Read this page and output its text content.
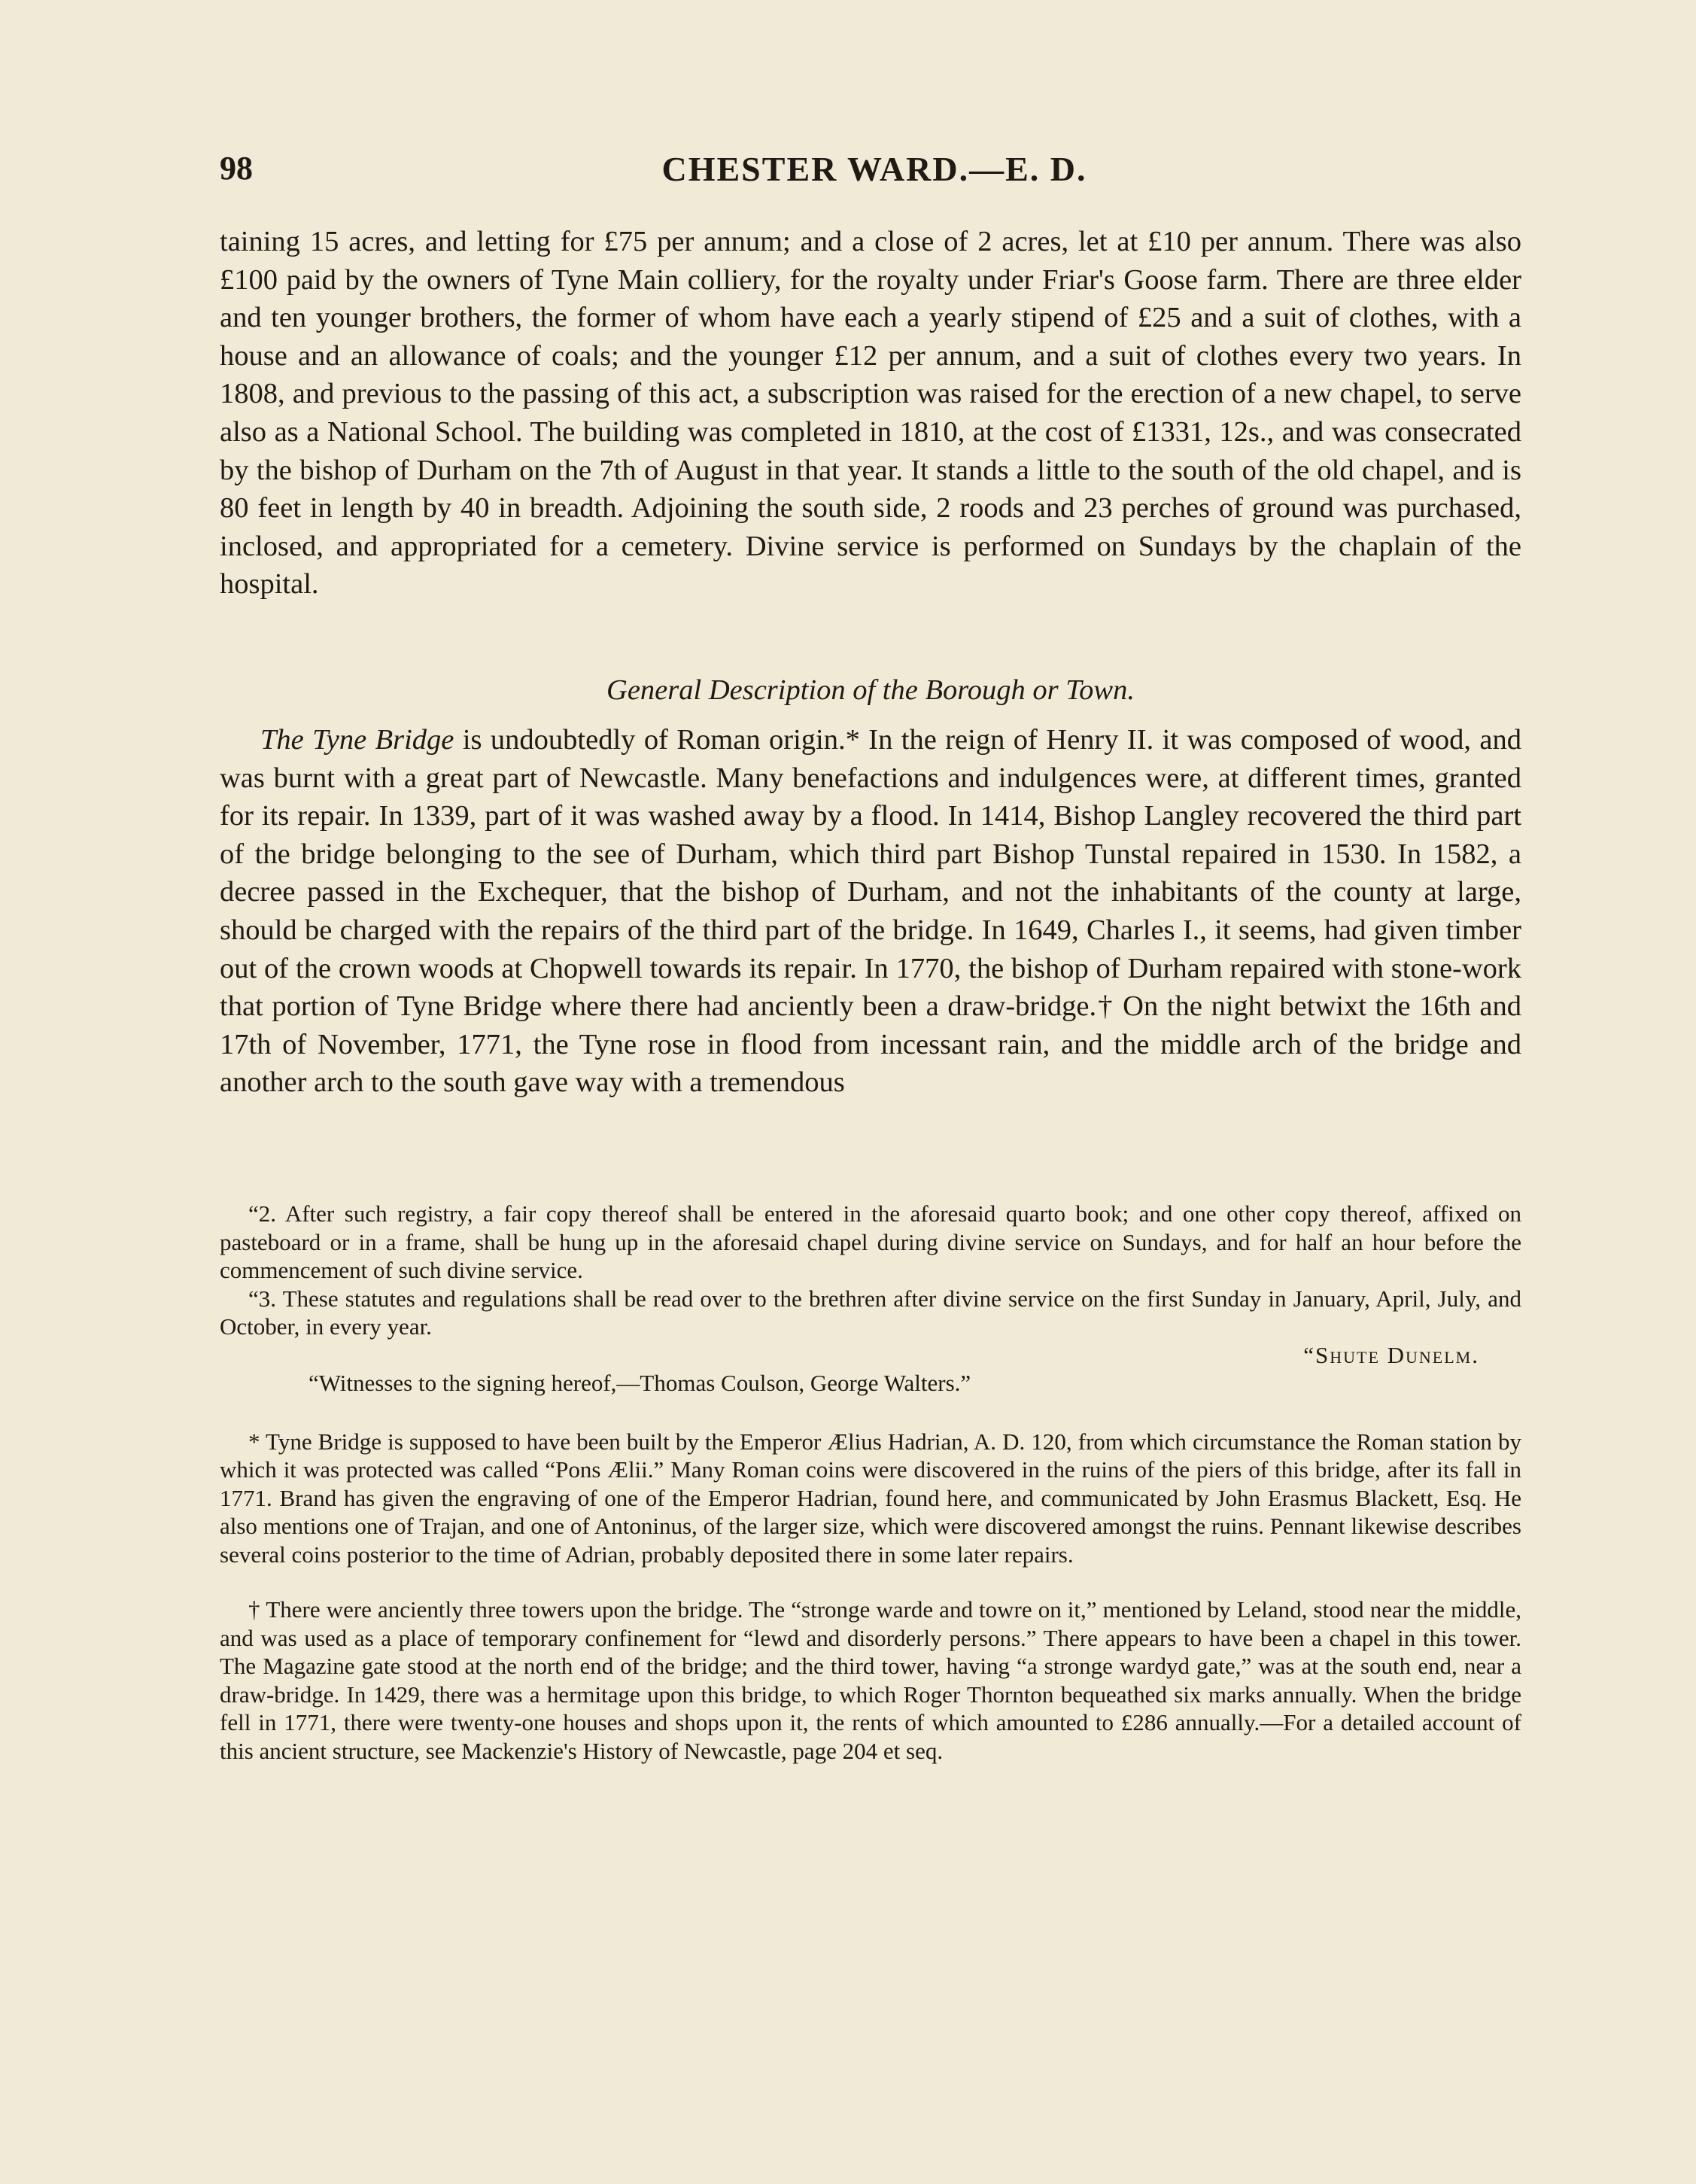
98	CHESTER WARD.—E. D.

taining 15 acres, and letting for £75 per annum; and a close of 2 acres, let at £10 per annum. There was also £100 paid by the owners of Tyne Main colliery, for the royalty under Friar's Goose farm. There are three elder and ten younger brothers, the former of whom have each a yearly stipend of £25 and a suit of clothes, with a house and an allowance of coals; and the younger £12 per annum, and a suit of clothes every two years. In 1808, and previous to the passing of this act, a subscription was raised for the erection of a new chapel, to serve also as a National School. The building was completed in 1810, at the cost of £1331, 12s., and was consecrated by the bishop of Durham on the 7th of August in that year. It stands a little to the south of the old chapel, and is 80 feet in length by 40 in breadth. Adjoining the south side, 2 roods and 23 perches of ground was purchased, inclosed, and appropriated for a cemetery. Divine service is performed on Sundays by the chaplain of the hospital.

General Description of the Borough or Town.

The Tyne Bridge is undoubtedly of Roman origin.* In the reign of Henry II. it was composed of wood, and was burnt with a great part of Newcastle. Many benefactions and indulgences were, at different times, granted for its repair. In 1339, part of it was washed away by a flood. In 1414, Bishop Langley recovered the third part of the bridge belonging to the see of Durham, which third part Bishop Tunstal repaired in 1530. In 1582, a decree passed in the Exchequer, that the bishop of Durham, and not the inhabitants of the county at large, should be charged with the repairs of the third part of the bridge. In 1649, Charles I., it seems, had given timber out of the crown woods at Chopwell towards its repair. In 1770, the bishop of Durham repaired with stone-work that portion of Tyne Bridge where there had anciently been a draw-bridge.† On the night betwixt the 16th and 17th of November, 1771, the Tyne rose in flood from incessant rain, and the middle arch of the bridge and another arch to the south gave way with a tremendous

“2. After such registry, a fair copy thereof shall be entered in the aforesaid quarto book; and one other copy thereof, affixed on pasteboard or in a frame, shall be hung up in the aforesaid chapel during divine service on Sundays, and for half an hour before the commencement of such divine service.

“3. These statutes and regulations shall be read over to the brethren after divine service on the first Sunday in January, April, July, and October, in every year.

“Shute Dunelm.

“Witnesses to the signing hereof,—Thomas Coulson, George Walters.”

* Tyne Bridge is supposed to have been built by the Emperor Ælius Hadrian, A. D. 120, from which circumstance the Roman station by which it was protected was called “Pons Ælii.” Many Roman coins were discovered in the ruins of the piers of this bridge, after its fall in 1771. Brand has given the engraving of one of the Emperor Hadrian, found here, and communicated by John Erasmus Blackett, Esq. He also mentions one of Trajan, and one of Antoninus, of the larger size, which were discovered amongst the ruins. Pennant likewise describes several coins posterior to the time of Adrian, probably deposited there in some later repairs.

† There were anciently three towers upon the bridge. The “stronge warde and towre on it,” mentioned by Leland, stood near the middle, and was used as a place of temporary confinement for “lewd and disorderly persons.” There appears to have been a chapel in this tower. The Magazine gate stood at the north end of the bridge; and the third tower, having “a stronge wardyd gate,” was at the south end, near a draw-bridge. In 1429, there was a hermitage upon this bridge, to which Roger Thornton bequeathed six marks annually. When the bridge fell in 1771, there were twenty-one houses and shops upon it, the rents of which amounted to £286 annually.—For a detailed account of this ancient structure, see Mackenzie's History of Newcastle, page 204 et seq.
